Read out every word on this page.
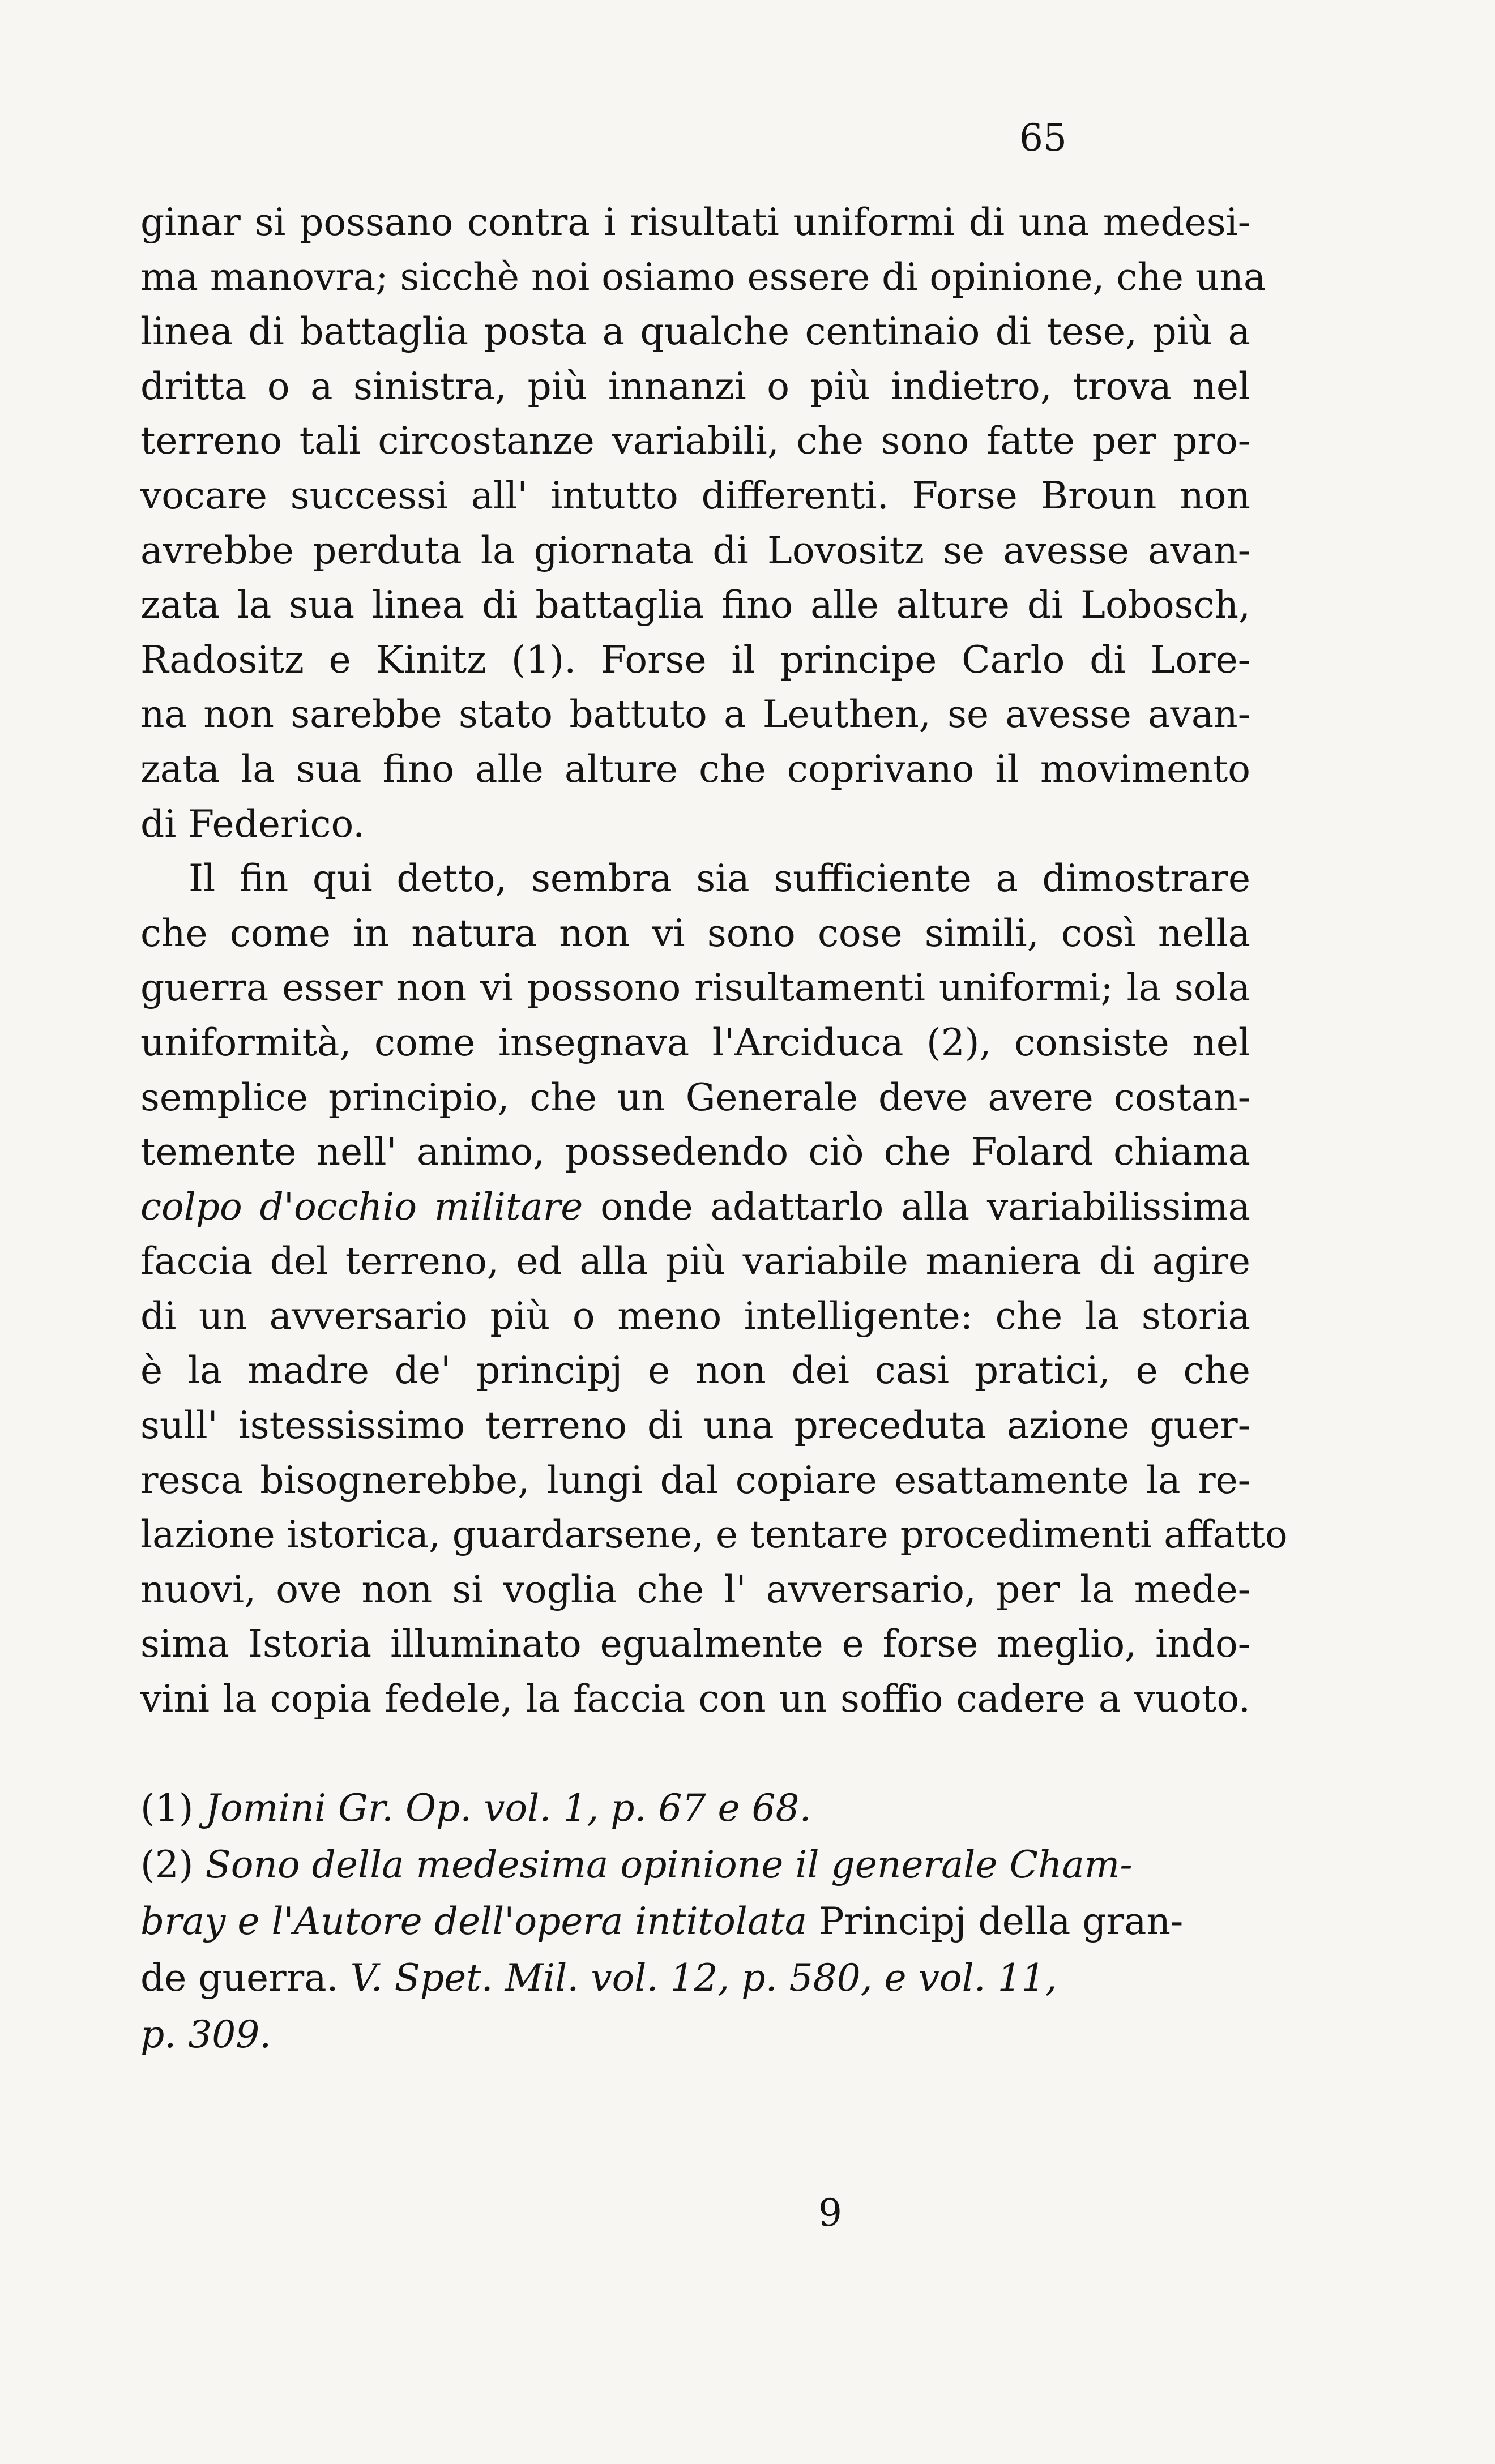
65
ginar si possano contra i risultati uniformi di una medesi-
ma manovra; sicchè noi osiamo essere di opinione, che una
linea di battaglia posta a qualche centinaio di tese, più a
dritta o a sinistra, più innanzi o più indietro, trova nel
terreno tali circostanze variabili, che sono fatte per pro-
vocare successi all' intutto differenti. Forse Broun non
avrebbe perduta la giornata di Lovositz se avesse avan-
zata la sua linea di battaglia fino alle alture di Lobosch,
Radositz e Kinitz (1). Forse il principe Carlo di Lore-
na non sarebbe stato battuto a Leuthen, se avesse avan-
zata la sua fino alle alture che coprivano il movimento
di Federico.
Il fin qui detto, sembra sia sufficiente a dimostrare
che come in natura non vi sono cose simili, così nella
guerra esser non vi possono risultamenti uniformi; la sola
uniformità, come insegnava l'Arciduca (2), consiste nel
semplice principio, che un Generale deve avere costan-
temente nell' animo, possedendo ciò che Folard chiama
colpo d'occhio militare onde adattarlo alla variabilissima
faccia del terreno, ed alla più variabile maniera di agire
di un avversario più o meno intelligente: che la storia
è la madre de' principj e non dei casi pratici, e che
sull' istessissimo terreno di una preceduta azione guer-
resca bisognerebbe, lungi dal copiare esattamente la re-
lazione istorica, guardarsene, e tentare procedimenti affatto
nuovi, ove non si voglia che l' avversario, per la mede-
sima Istoria illuminato egualmente e forse meglio, indo-
vini la copia fedele, la faccia con un soffio cadere a vuoto.
(1) Jomini Gr. Op. vol. 1, p. 67 e 68.
(2) Sono della medesima opinione il generale Cham-
bray e l'Autore dell'opera intitolata Principj della gran-
de guerra. V. Spet. Mil. vol. 12, p. 580, e vol. 11,
p. 309.
9
